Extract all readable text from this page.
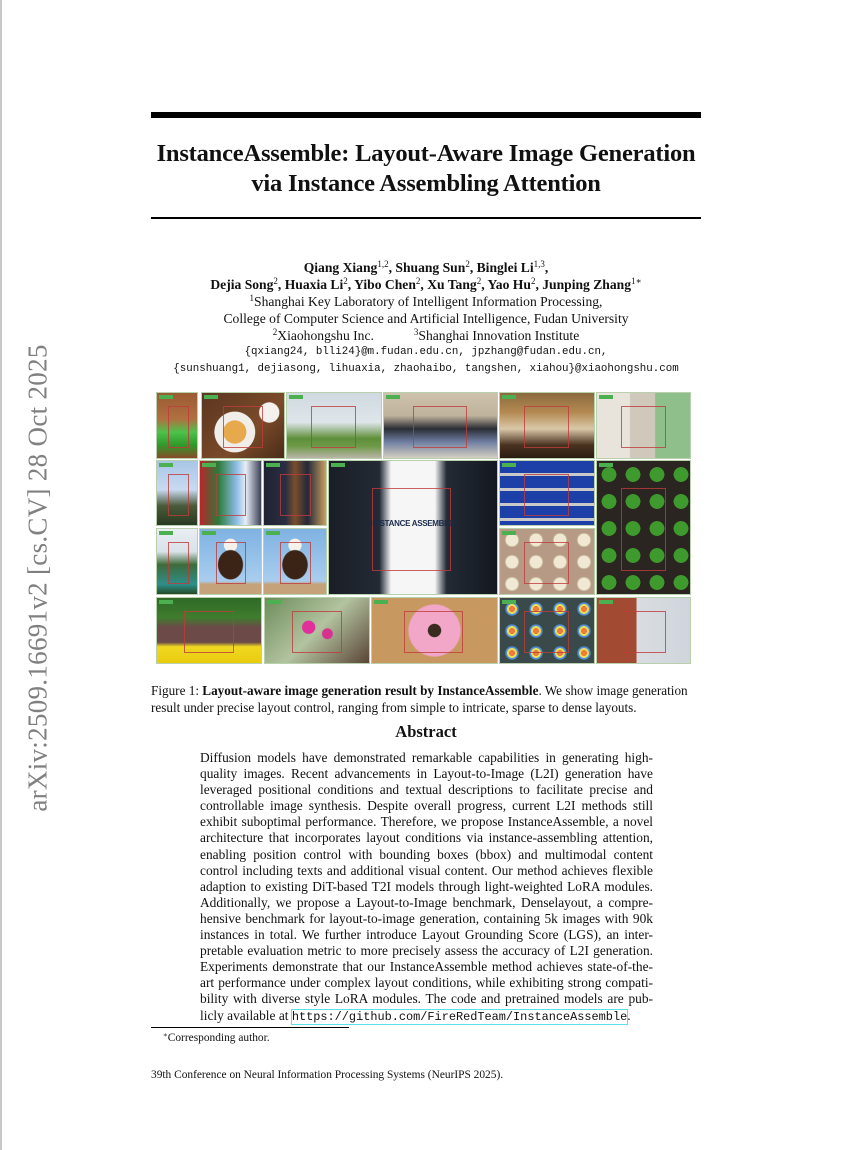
arXiv:2509.16691v2 [cs.CV] 28 Oct 2025
InstanceAssemble: Layout-Aware Image Generation
via Instance Assembling Attention
Qiang Xiang$^{1,2}$, Shuang Sun$^2$, Binglei Li$^{1,3}$,
Dejia Song$^2$, Huaxia Li$^2$, Yibo Chen$^2$, Xu Tang$^2$, Yao Hu$^2$, Junping Zhang$^{1∗}$
$^1$Shanghai Key Laboratory of Intelligent Information Processing,
College of Computer Science and Artificial Intelligence, Fudan University
$^2$Xiaohongshu Inc.	$^3$Shanghai Innovation Institute
{qxiang24, blli24}@m.fudan.edu.cn, jpzhang@fudan.edu.cn,
{sunshuang1, dejiasong, lihuaxia, zhaohaibo, tangshen, xiahou}@xiaohongshu.com
INSTANCE ASSEMBLE
Figure 1: Layout-aware image generation result by InstanceAssemble. We show image generation
result under precise layout control, ranging from simple to intricate, sparse to dense layouts.
Abstract
Diffusion models have demonstrated remarkable capabilities in generating high-
quality images. Recent advancements in Layout-to-Image (L2I) generation have
leveraged positional conditions and textual descriptions to facilitate precise and
controllable image synthesis. Despite overall progress, current L2I methods still
exhibit suboptimal performance. Therefore, we propose InstanceAssemble, a novel
architecture that incorporates layout conditions via instance-assembling attention,
enabling position control with bounding boxes (bbox) and multimodal content
control including texts and additional visual content. Our method achieves flexible
adaption to existing DiT-based T2I models through light-weighted LoRA modules.
Additionally, we propose a Layout-to-Image benchmark, Denselayout, a compre-
hensive benchmark for layout-to-image generation, containing 5k images with 90k
instances in total. We further introduce Layout Grounding Score (LGS), an inter-
pretable evaluation metric to more precisely assess the accuracy of L2I generation.
Experiments demonstrate that our InstanceAssemble method achieves state-of-the-
art performance under complex layout conditions, while exhibiting strong compati-
bility with diverse style LoRA modules. The code and pretrained models are pub-
licly available at https://github.com/FireRedTeam/InstanceAssemble.
∗Corresponding author.
39th Conference on Neural Information Processing Systems (NeurIPS 2025).
